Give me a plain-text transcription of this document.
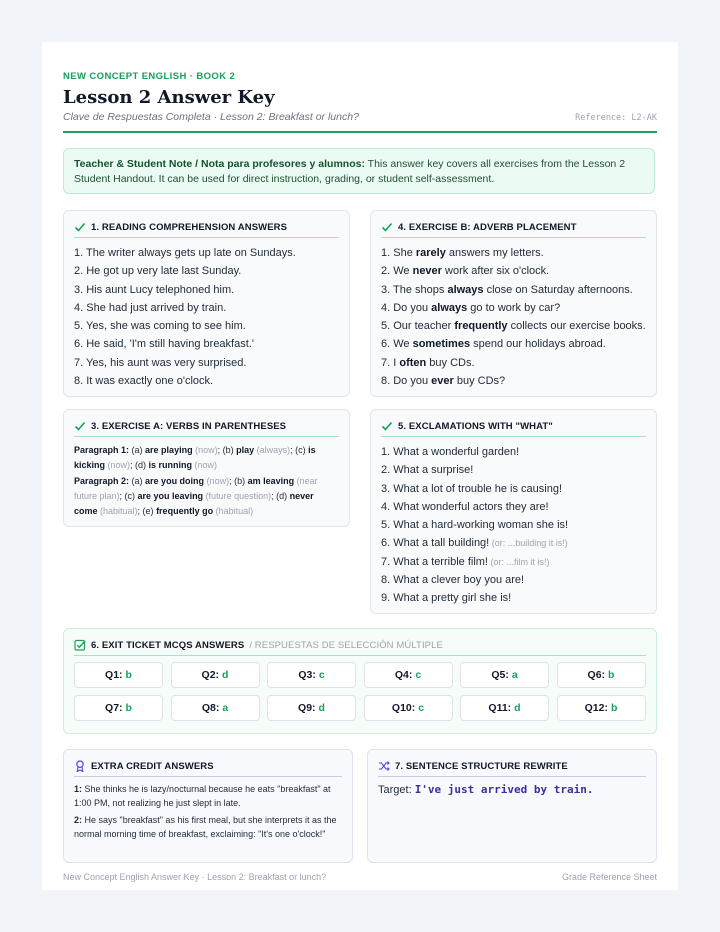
NEW CONCEPT ENGLISH · BOOK 2
Lesson 2 Answer Key
Clave de Respuestas Completa · Lesson 2: Breakfast or lunch?	Reference: L2-AK
Teacher & Student Note / Nota para profesores y alumnos: This answer key covers all exercises from the Lesson 2 Student Handout. It can be used for direct instruction, grading, or student self-assessment.
1. READING COMPREHENSION ANSWERS
1. The writer always gets up late on Sundays.
2. He got up very late last Sunday.
3. His aunt Lucy telephoned him.
4. She had just arrived by train.
5. Yes, she was coming to see him.
6. He said, 'I'm still having breakfast.'
7. Yes, his aunt was very surprised.
8. It was exactly one o'clock.
4. EXERCISE B: ADVERB PLACEMENT
1. She rarely answers my letters.
2. We never work after six o'clock.
3. The shops always close on Saturday afternoons.
4. Do you always go to work by car?
5. Our teacher frequently collects our exercise books.
6. We sometimes spend our holidays abroad.
7. I often buy CDs.
8. Do you ever buy CDs?
3. EXERCISE A: VERBS IN PARENTHESES
Paragraph 1: (a) are playing (now); (b) play (always); (c) is kicking (now); (d) is running (now)
Paragraph 2: (a) are you doing (now); (b) am leaving (near future plan); (c) are you leaving (future question); (d) never come (habitual); (e) frequently go (habitual)
5. EXCLAMATIONS WITH "WHAT"
1. What a wonderful garden!
2. What a surprise!
3. What a lot of trouble he is causing!
4. What wonderful actors they are!
5. What a hard-working woman she is!
6. What a tall building! (or: ...building it is!)
7. What a terrible film! (or: ...film it is!)
8. What a clever boy you are!
9. What a pretty girl she is!
6. EXIT TICKET MCQS ANSWERS / RESPUESTAS DE SELECCIÓN MÚLTIPLE
Q1: b	Q2: d	Q3: c	Q4: c	Q5: a	Q6: b
Q7: b	Q8: a	Q9: d	Q10: c	Q11: d	Q12: b
EXTRA CREDIT ANSWERS

1: She thinks he is lazy/nocturnal because he eats "breakfast" at 1:00 PM, not realizing he just slept in late.

2: He says "breakfast" as his first meal, but she interprets it as the normal morning time of breakfast, exclaiming: "It's one o'clock!"

7. SENTENCE STRUCTURE REWRITE
Target: I've just arrived by train.
New Concept English Answer Key · Lesson 2: Breakfast or lunch?	Grade Reference Sheet
